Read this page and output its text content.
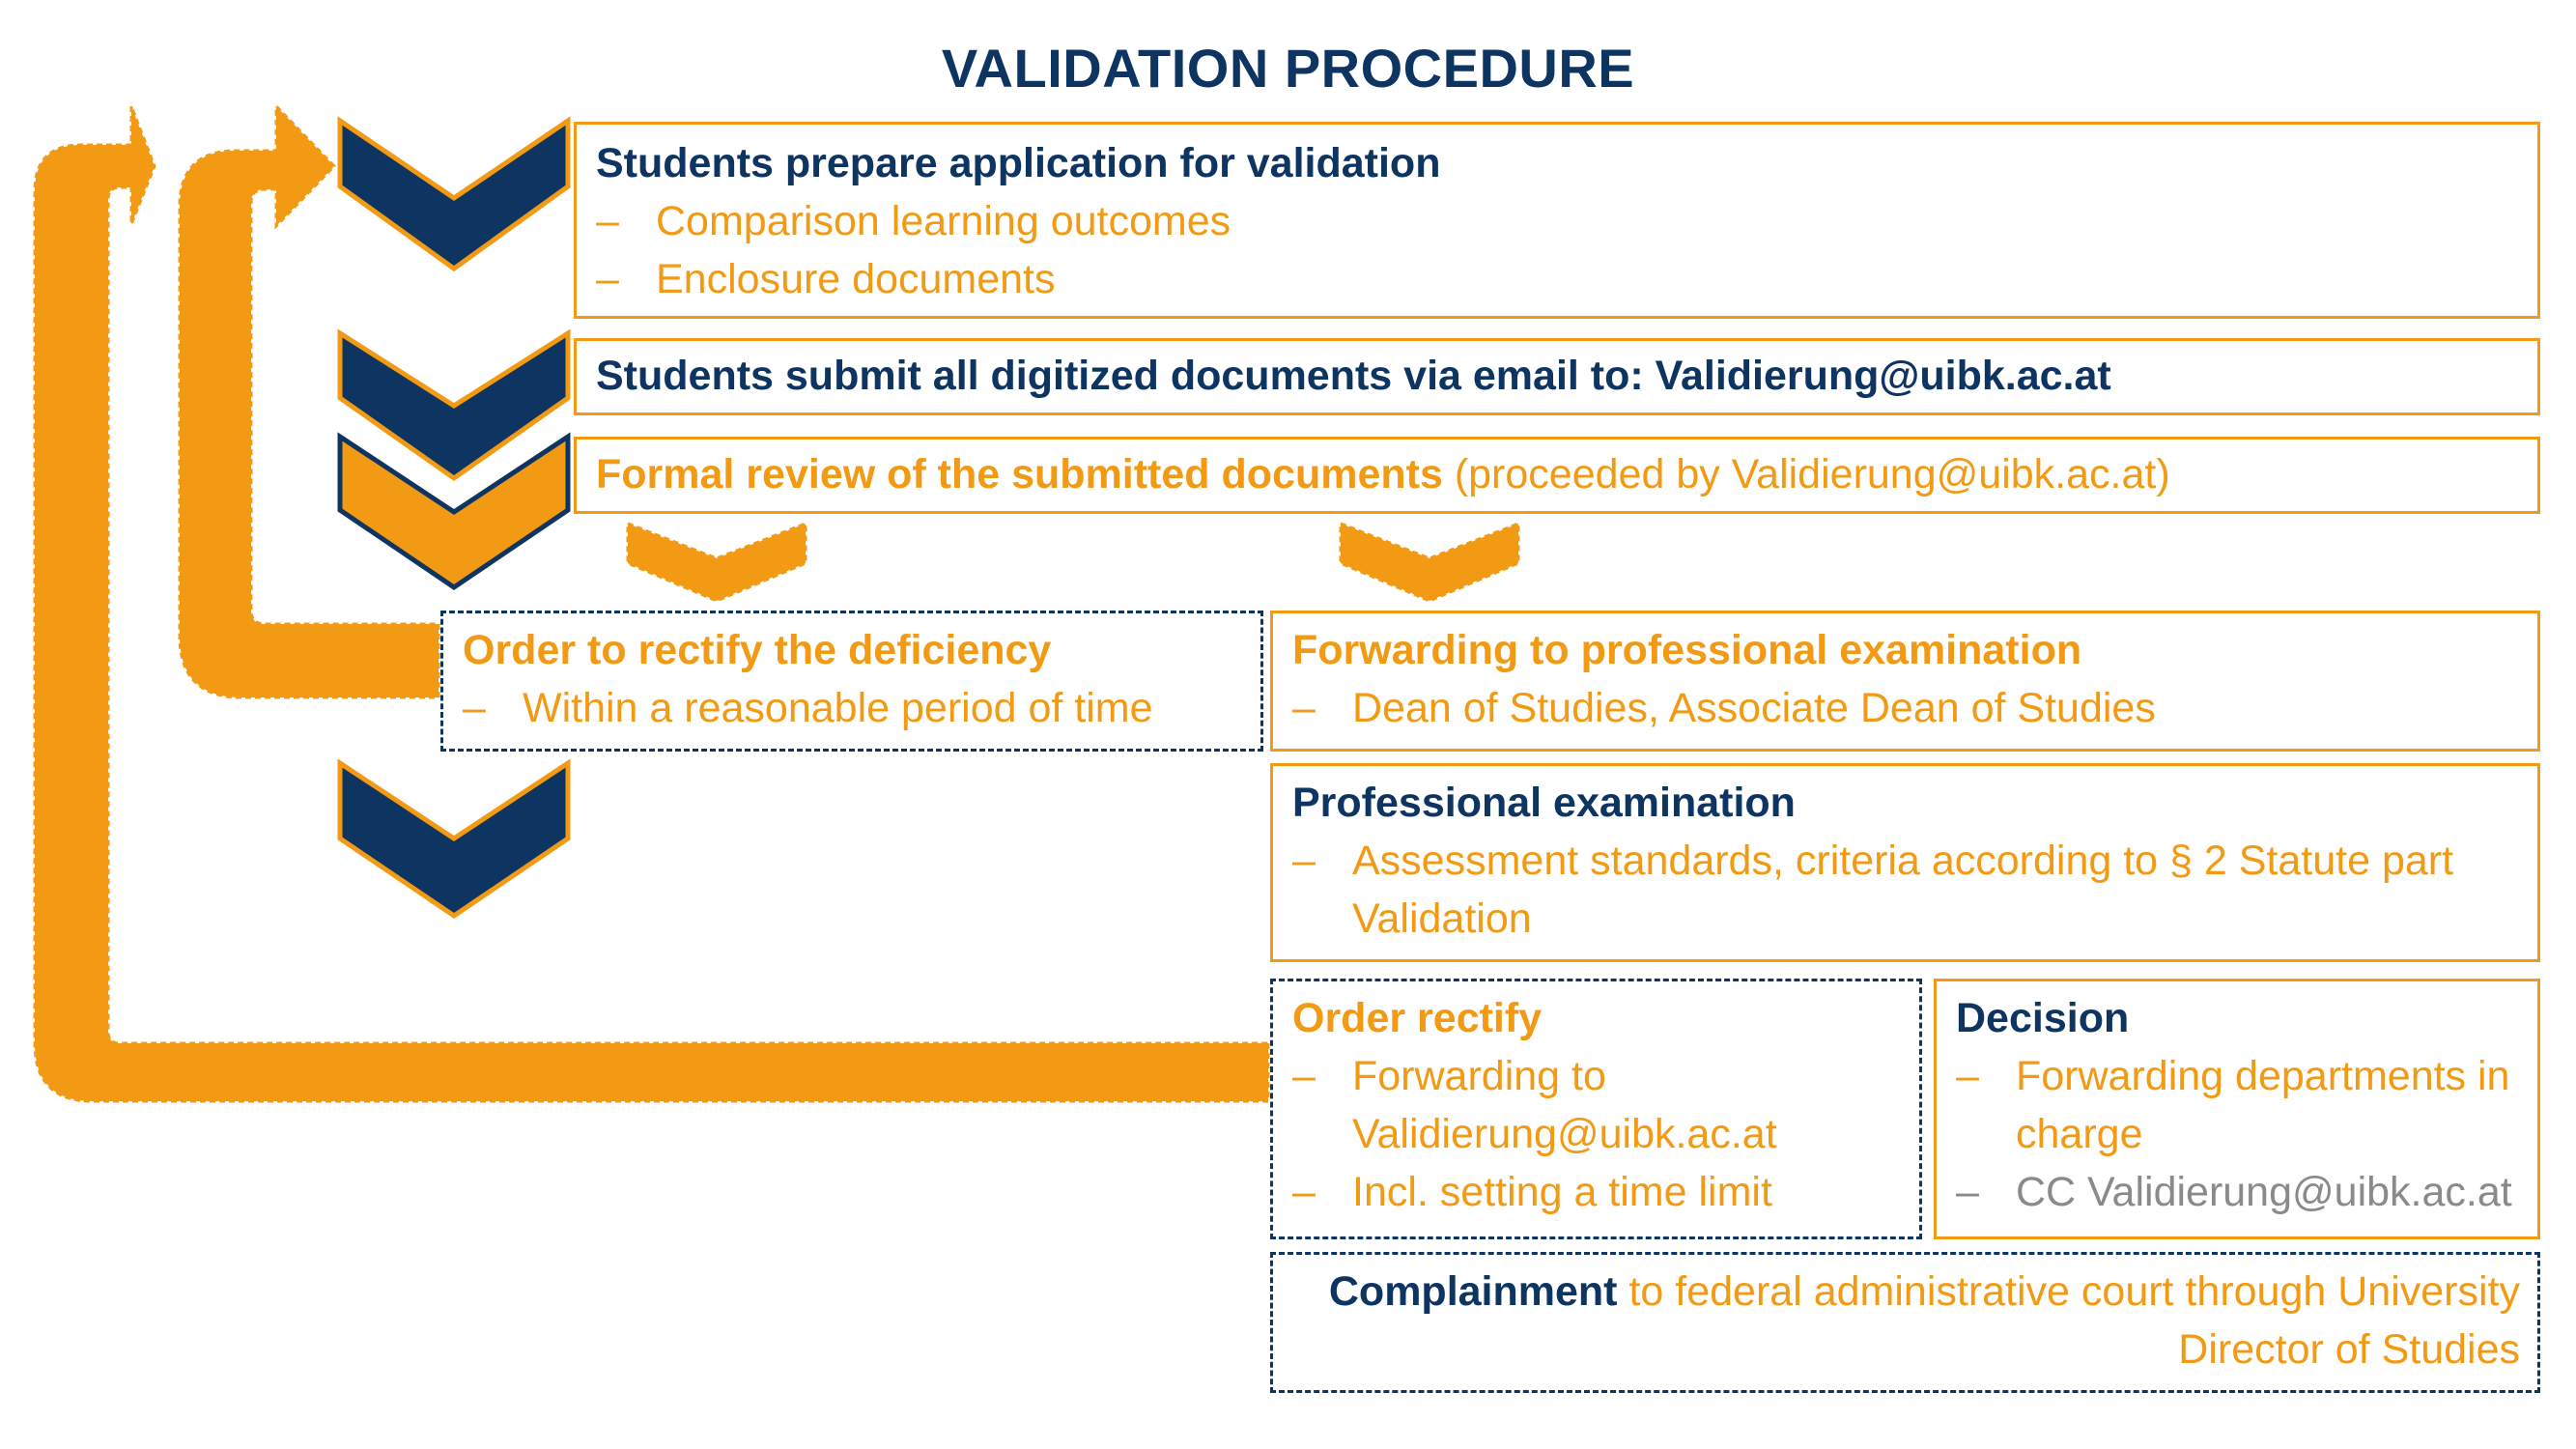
VALIDATION PROCEDURE
Students prepare application for validation
– Comparison learning outcomes
– Enclosure documents
Students submit all digitized documents via email to: Validierung@uibk.ac.at
Formal review of the submitted documents (proceeded by Validierung@uibk.ac.at)
Order to rectify the deficiency
– Within a reasonable period of time
Forwarding to professional examination
– Dean of Studies, Associate Dean of Studies
Professional examination
– Assessment standards, criteria according to § 2 Statute part Validation
Order rectify
– Forwarding to Validierung@uibk.ac.at
– Incl. setting a time limit
Decision
– Forwarding departments in charge
– CC Validierung@uibk.ac.at
Complainment to federal administrative court through University Director of Studies
